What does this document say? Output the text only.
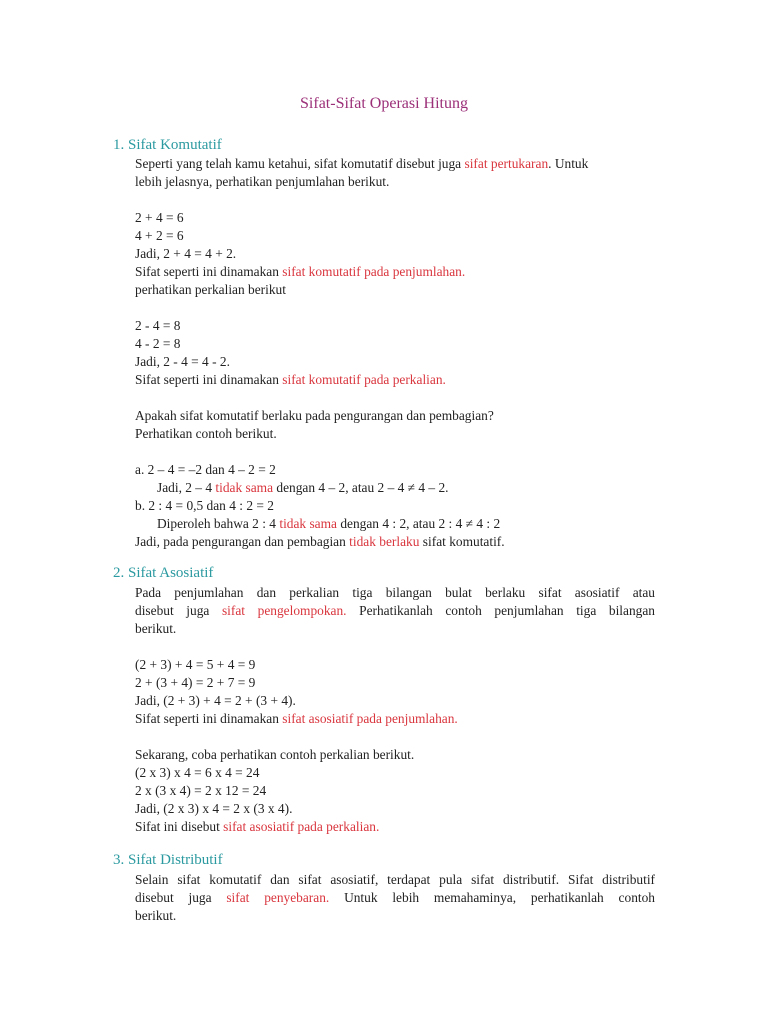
Sifat-Sifat Operasi Hitung
1. Sifat Komutatif
Seperti yang telah kamu ketahui, sifat komutatif disebut juga sifat pertukaran. Untuk
lebih jelasnya, perhatikan penjumlahan berikut.
2 + 4 = 6
4 + 2 = 6
Jadi, 2 + 4 = 4 + 2.
Sifat seperti ini dinamakan sifat komutatif pada penjumlahan.
perhatikan perkalian berikut
2 - 4 = 8
4 - 2 = 8
Jadi, 2 - 4 = 4 - 2.
Sifat seperti ini dinamakan sifat komutatif pada perkalian.
Apakah sifat komutatif berlaku pada pengurangan dan pembagian?
Perhatikan contoh berikut.
a. 2 – 4 = –2 dan 4 – 2 = 2
Jadi, 2 – 4 tidak sama dengan 4 – 2, atau 2 – 4 ≠ 4 – 2.
b. 2 : 4 = 0,5 dan 4 : 2 = 2
Diperoleh bahwa 2 : 4 tidak sama dengan 4 : 2, atau 2 : 4 ≠ 4 : 2
Jadi, pada pengurangan dan pembagian tidak berlaku sifat komutatif.
2. Sifat Asosiatif
Pada penjumlahan dan perkalian tiga bilangan bulat berlaku sifat asosiatif atau
disebut juga sifat pengelompokan. Perhatikanlah contoh penjumlahan tiga bilangan
berikut.
(2 + 3) + 4 = 5 + 4 = 9
2 + (3 + 4) = 2 + 7 = 9
Jadi, (2 + 3) + 4 = 2 + (3 + 4).
Sifat seperti ini dinamakan sifat asosiatif pada penjumlahan.
Sekarang, coba perhatikan contoh perkalian berikut.
(2 x 3) x 4 = 6 x 4 = 24
2 x (3 x 4) = 2 x 12 = 24
Jadi, (2 x 3) x 4 = 2 x (3 x 4).
Sifat ini disebut sifat asosiatif pada perkalian.
3. Sifat Distributif
Selain sifat komutatif dan sifat asosiatif, terdapat pula sifat distributif. Sifat distributif
disebut juga sifat penyebaran. Untuk lebih memahaminya, perhatikanlah contoh
berikut.
